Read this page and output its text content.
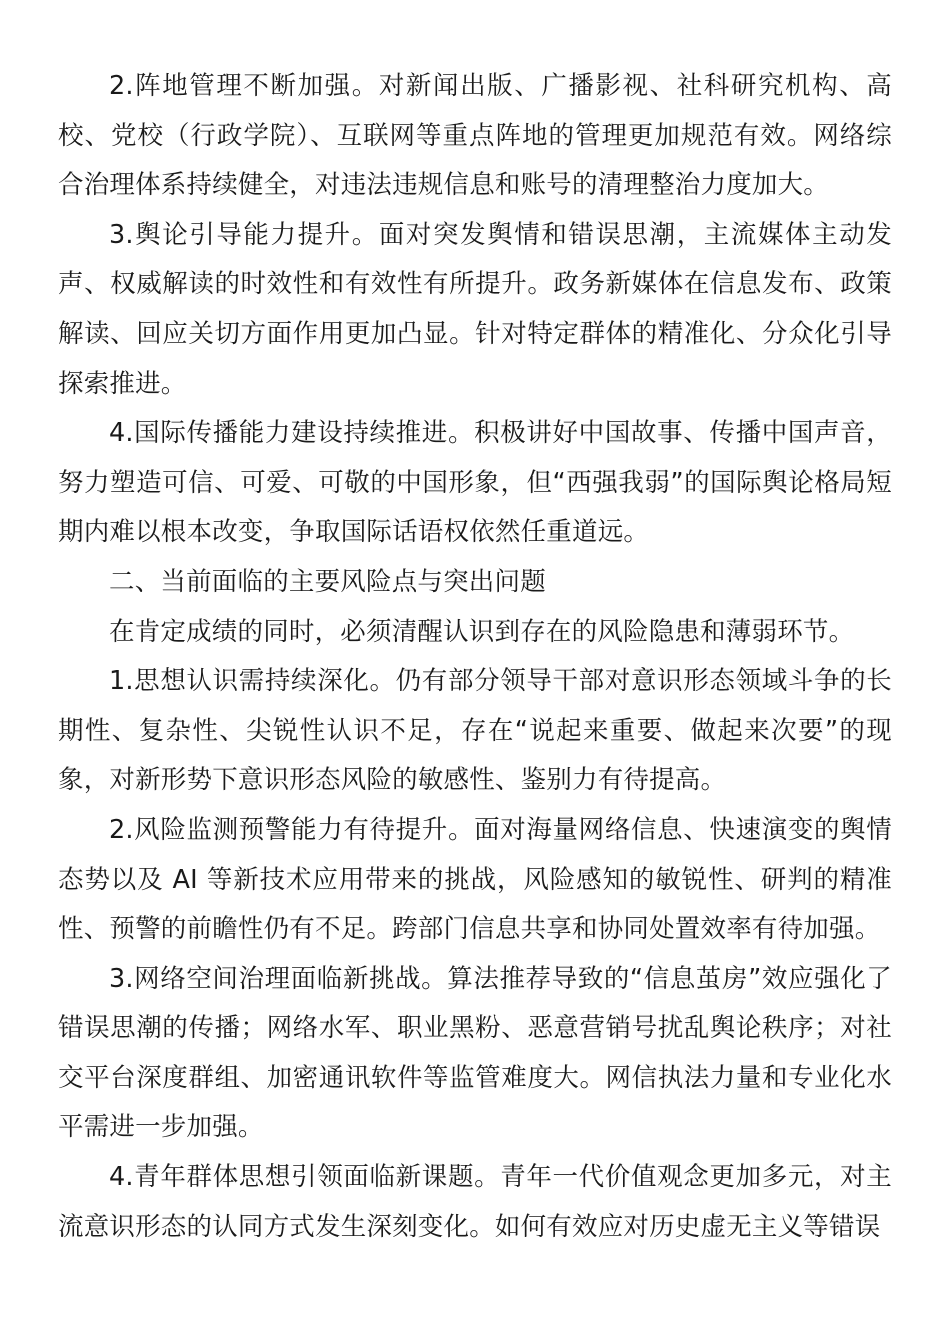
2.阵地管理不断加强。对新闻出版、广播影视、社科研究机构、高校、党校（行政学院）、互联网等重点阵地的管理更加规范有效。网络综合治理体系持续健全，对违法违规信息和账号的清理整治力度加大。

3.舆论引导能力提升。面对突发舆情和错误思潮，主流媒体主动发声、权威解读的时效性和有效性有所提升。政务新媒体在信息发布、政策解读、回应关切方面作用更加凸显。针对特定群体的精准化、分众化引导探索推进。

4.国际传播能力建设持续推进。积极讲好中国故事、传播中国声音，努力塑造可信、可爱、可敬的中国形象，但“西强我弱”的国际舆论格局短期内难以根本改变，争取国际话语权依然任重道远。

二、当前面临的主要风险点与突出问题

在肯定成绩的同时，必须清醒认识到存在的风险隐患和薄弱环节。

1.思想认识需持续深化。仍有部分领导干部对意识形态领域斗争的长期性、复杂性、尖锐性认识不足，存在“说起来重要、做起来次要”的现象，对新形势下意识形态风险的敏感性、鉴别力有待提高。

2.风险监测预警能力有待提升。面对海量网络信息、快速演变的舆情态势以及 AI 等新技术应用带来的挑战，风险感知的敏锐性、研判的精准性、预警的前瞻性仍有不足。跨部门信息共享和协同处置效率有待加强。

3.网络空间治理面临新挑战。算法推荐导致的“信息茧房”效应强化了错误思潮的传播；网络水军、职业黑粉、恶意营销号扰乱舆论秩序；对社交平台深度群组、加密通讯软件等监管难度大。网信执法力量和专业化水平需进一步加强。

4.青年群体思想引领面临新课题。青年一代价值观念更加多元，对主流意识形态的认同方式发生深刻变化。如何有效应对历史虚无主义等错误
